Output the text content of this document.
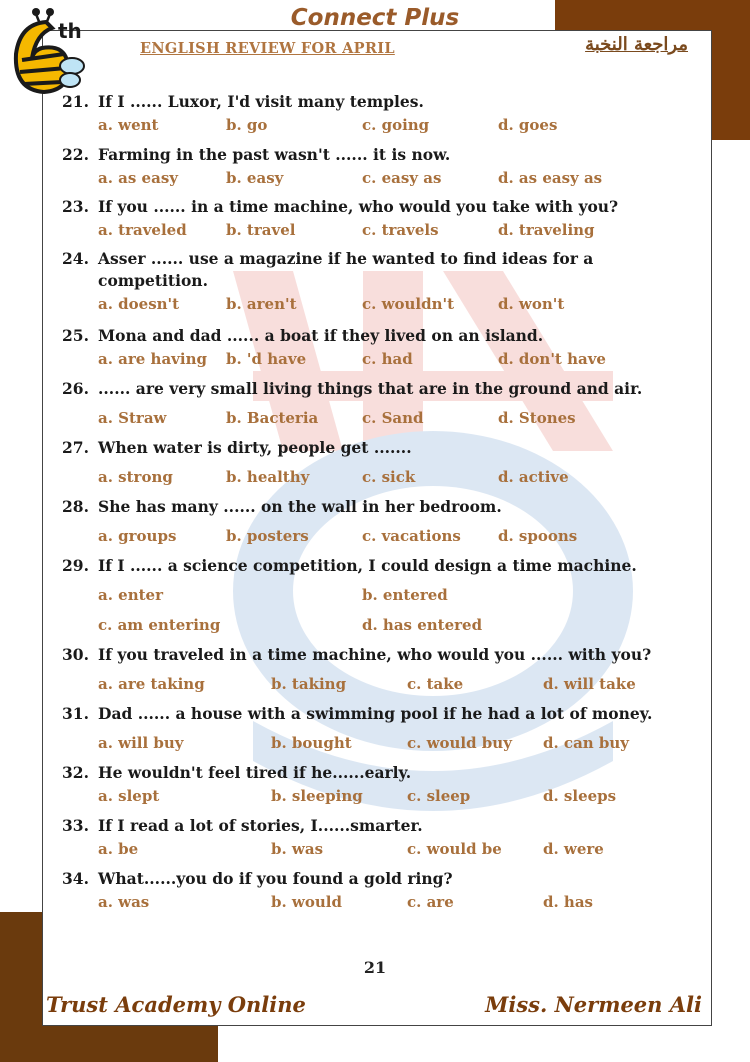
th	Connect Plus
ENGLISH REVIEW FOR APRIL	مراجعة النخبة
21. If I ...... Luxor, I'd visit many temples.
a. went	b. go	c. going	d. goes
22. Farming in the past wasn't ...... it is now.
a. as easy	b. easy	c. easy as	d. as easy as
23. If you ...... in a time machine, who would you take with you?
a. traveled	b. travel	c. travels	d. traveling
24. Asser ...... use a magazine if he wanted to find ideas for a competition.
a. doesn't	b. aren't	c. wouldn't	d. won't
25. Mona and dad ...... a boat if they lived on an island.
a. are having b. 'd have	c. had	d. don't have
26. ...... are very small living things that are in the ground and air.
a. Straw	b. Bacteria	c. Sand	d. Stones
27. When water is dirty, people get .......
a. strong	b. healthy	c. sick	d. active
28. She has many ...... on the wall in her bedroom.
a. groups	b. posters	c. vacations d. spoons
29. If I ...... a science competition, I could design a time machine.
a. enter	b. entered
c. am entering	d. has entered
30. If you traveled in a time machine, who would you ...... with you?
a. are taking	b. taking	c. take	d. will take
31. Dad ...... a house with a swimming pool if he had a lot of money.
a. will buy	b. bought	c. would buy d. can buy
32. He wouldn't feel tired if he......early.
a. slept	b. sleeping	c. sleep	d. sleeps
33. If I read a lot of stories, I......smarter.
a. be	b. was	c. would be	d. were
34. What......you do if you found a gold ring?
a. was	b. would	c. are	d. has
21
Trust Academy Online	Miss. Nermeen Ali
